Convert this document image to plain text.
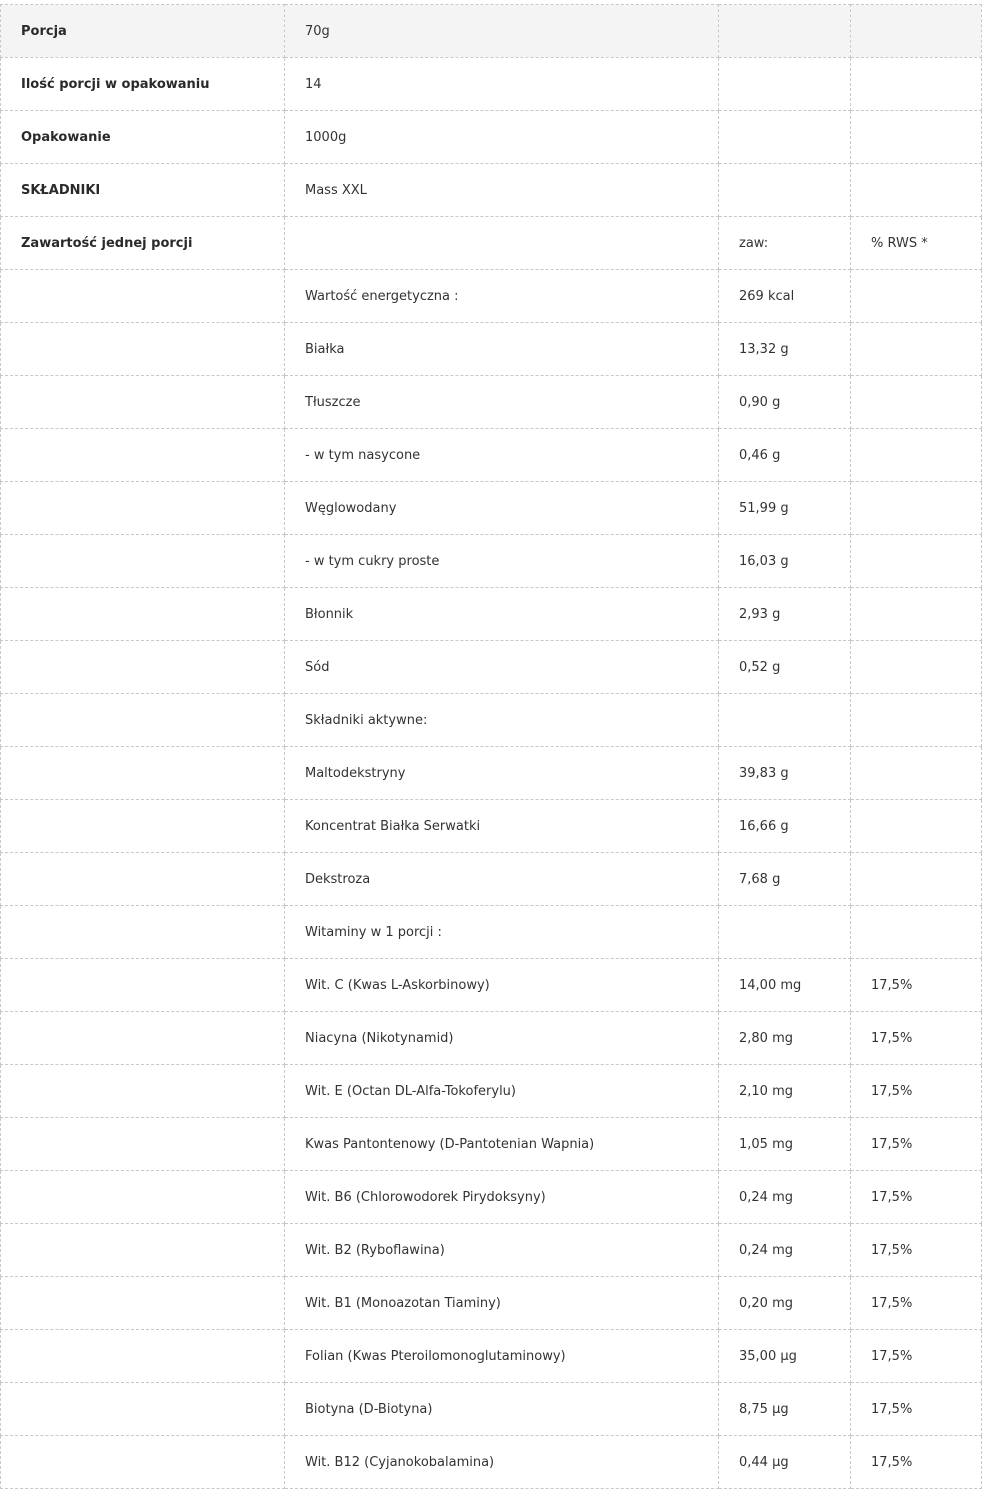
Porcja	70g		
Ilość porcji w opakowaniu	14		
Opakowanie	1000g		
SKŁADNIKI	Mass XXL		
Zawartość jednej porcji		zaw:	% RWS *
	Wartość energetyczna :	269 kcal	
	Białka	13,32 g	
	Tłuszcze	0,90 g	
	- w tym nasycone	0,46 g	
	Węglowodany	51,99 g	
	- w tym cukry proste	16,03 g	
	Błonnik	2,93 g	
	Sód	0,52 g	
	Składniki aktywne:		
	Maltodekstryny	39,83 g	
	Koncentrat Białka Serwatki	16,66 g	
	Dekstroza	7,68 g	
	Witaminy w 1 porcji :		
	Wit. C (Kwas L-Askorbinowy)	14,00 mg	17,5%
	Niacyna (Nikotynamid)	2,80 mg	17,5%
	Wit. E (Octan DL-Alfa-Tokoferylu)	2,10 mg	17,5%
	Kwas Pantontenowy (D-Pantotenian Wapnia)	1,05 mg	17,5%
	Wit. B6 (Chlorowodorek Pirydoksyny)	0,24 mg	17,5%
	Wit. B2 (Ryboflawina)	0,24 mg	17,5%
	Wit. B1 (Monoazotan Tiaminy)	0,20 mg	17,5%
	Folian (Kwas Pteroilomonoglutaminowy)	35,00 µg	17,5%
	Biotyna (D-Biotyna)	8,75 µg	17,5%
	Wit. B12 (Cyjanokobalamina)	0,44 µg	17,5%
